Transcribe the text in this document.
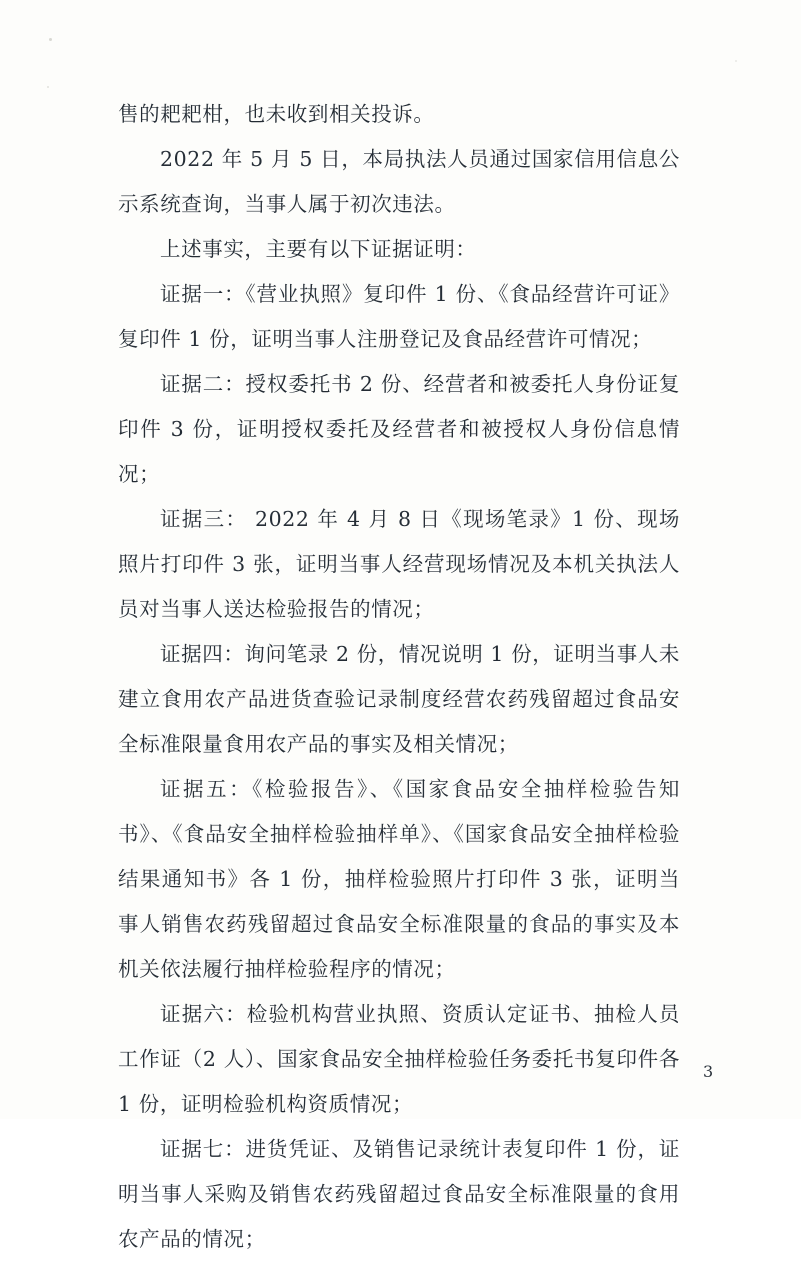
售的耙耙柑，也未收到相关投诉。

2022 年 5 月 5 日，本局执法人员通过国家信用信息公示系统查询，当事人属于初次违法。

上述事实，主要有以下证据证明：

证据一：《营业执照》复印件 1 份、《食品经营许可证》复印件 1 份，证明当事人注册登记及食品经营许可情况；

证据二：授权委托书 2 份、经营者和被委托人身份证复印件 3 份，证明授权委托及经营者和被授权人身份信息情况；

证据三： 2022 年 4 月 8 日《现场笔录》1 份、现场照片打印件 3 张，证明当事人经营现场情况及本机关执法人员对当事人送达检验报告的情况；

证据四：询问笔录 2 份，情况说明 1 份，证明当事人未建立食用农产品进货查验记录制度经营农药残留超过食品安全标准限量食用农产品的事实及相关情况；

证据五：《检验报告》、《国家食品安全抽样检验告知书》、《食品安全抽样检验抽样单》、《国家食品安全抽样检验结果通知书》各 1 份，抽样检验照片打印件 3 张，证明当事人销售农药残留超过食品安全标准限量的食品的事实及本机关依法履行抽样检验程序的情况；

证据六：检验机构营业执照、资质认定证书、抽检人员工作证（2 人）、国家食品安全抽样检验任务委托书复印件各 1 份，证明检验机构资质情况；

证据七：进货凭证、及销售记录统计表复印件 1 份，证明当事人采购及销售农药残留超过食品安全标准限量的食用农产品的情况；

3
